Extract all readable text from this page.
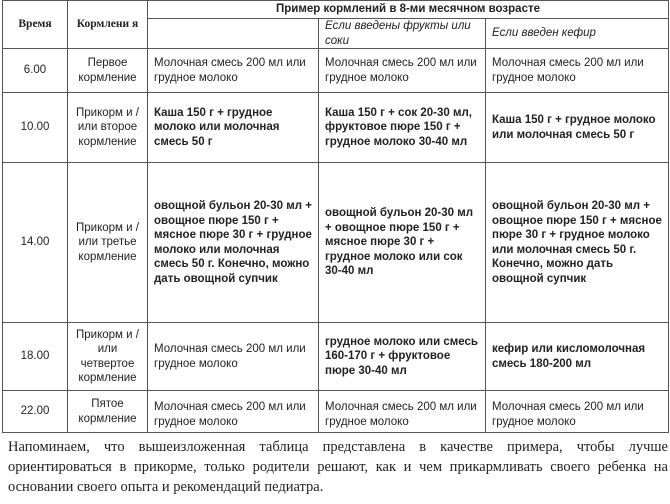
Время	Кормлени я	Пример кормлений в 8-ми месячном возрасте		
			Если введены фрукты или соки	Если введен кефир
6.00	Первое кормление	Молочная смесь 200 мл или грудное молоко	Молочная смесь 200 мл или грудное молоко	Молочная смесь 200 мл или грудное молоко
10.00	Прикорм и /или второе кормление	Каша 150 г + грудное молоко или молочная смесь 50 г	Каша 150 г + сок 20-30 мл, фруктовое пюре 150 г + грудное молоко 30-40 мл	Каша 150 г + грудное молоко или молочная смесь 50 г
14.00	Прикорм и /или третье кормление	овощной бульон 20-30 мл + овощное пюре 150 г + мясное пюре 30 г + грудное молоко или молочная смесь 50 г. Конечно, можно дать овощной супчик	овощной бульон 20-30 мл + овощное пюре 150 г + мясное пюре 30 г + грудное молоко или сок 30-40 мл	овощной бульон 20-30 мл + овощное пюре 150 г + мясное пюре 30 г + грудное молоко или молочная смесь 50 г. Конечно, можно дать овощной супчик
18.00	Прикорм и /или четвертое кормление	Молочная смесь 200 мл или грудное молоко	грудное молоко или смесь 160-170 г + фруктовое пюре 30-40 мл	кефир или кисломолочная смесь 180-200 мл
22.00	Пятое кормление	Молочная смесь 200 мл или грудное молоко	Молочная смесь 200 мл или грудное молоко	Молочная смесь 200 мл или грудное молоко

Напоминаем, что вышеизложенная таблица представлена в качестве примера, чтобы лучше ориентироваться в прикорме, только родители решают, как и чем прикармливать своего ребенка на основании своего опыта и рекомендаций педиатра.
